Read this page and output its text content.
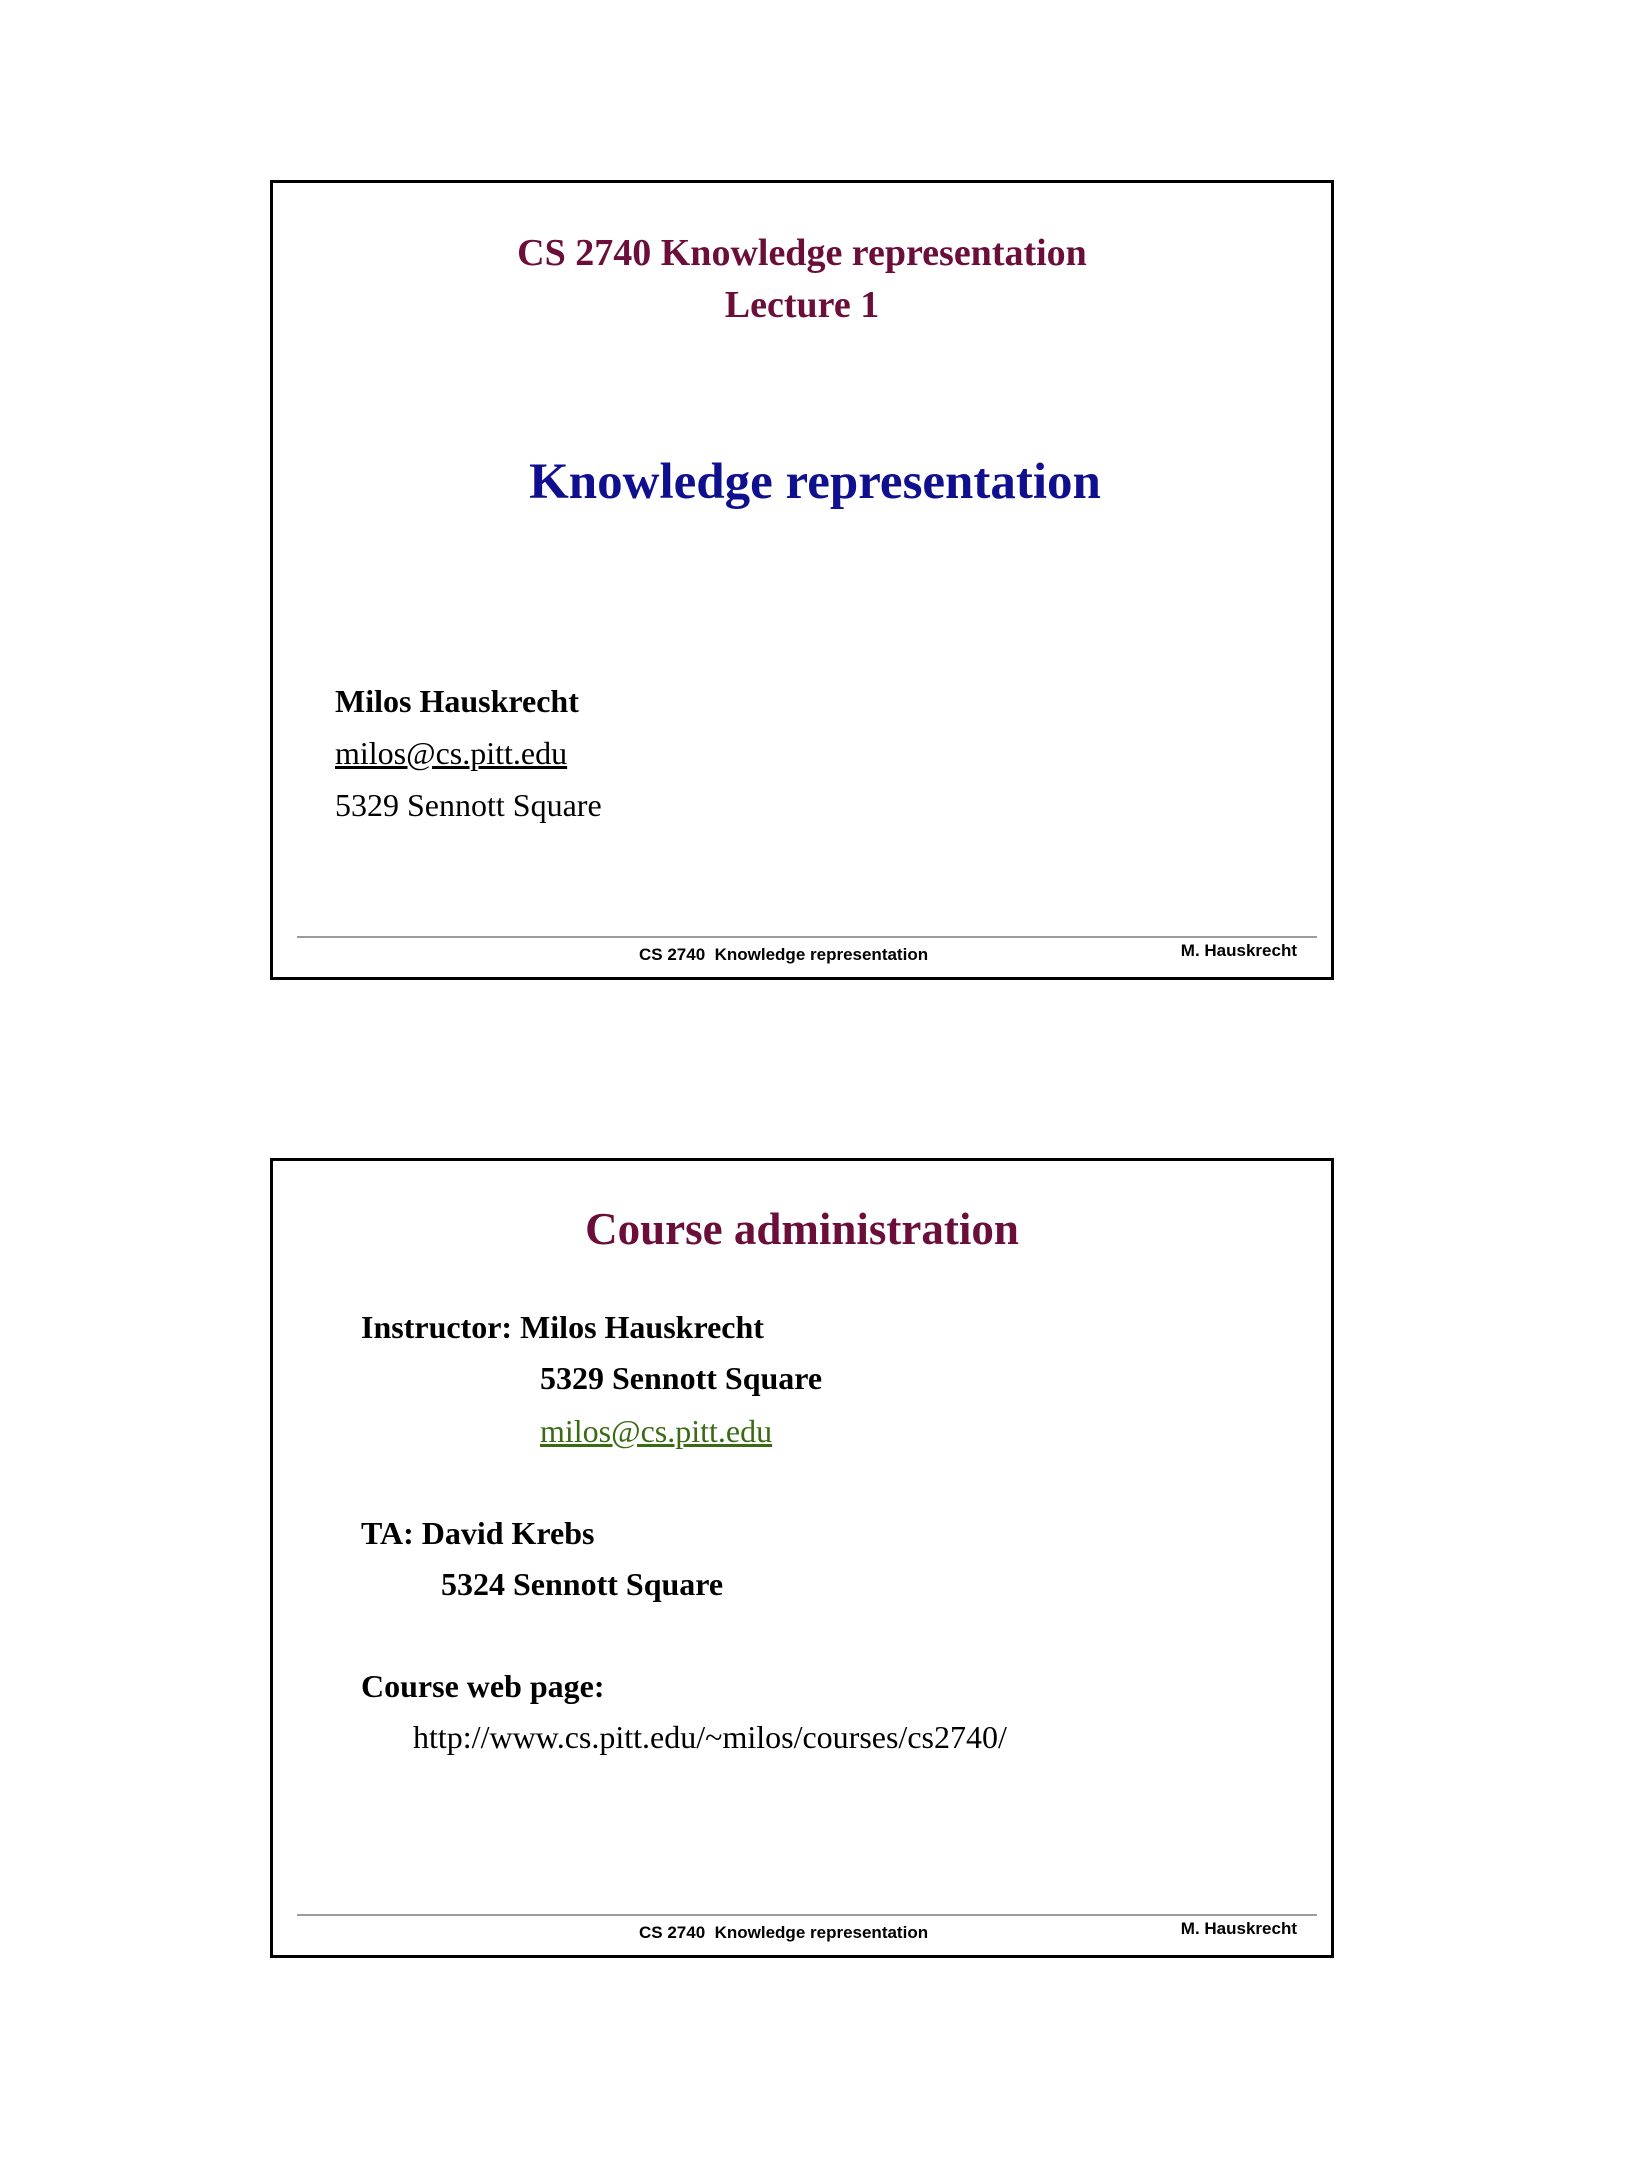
CS 2740 Knowledge representation
Lecture 1
Knowledge representation
Milos Hauskrecht
milos@cs.pitt.edu
5329 Sennott Square
CS 2740  Knowledge representation	M. Hauskrecht
Course administration
Instructor: Milos Hauskrecht
5329 Sennott Square
milos@cs.pitt.edu
TA: David Krebs
5324 Sennott Square
Course web page:
http://www.cs.pitt.edu/~milos/courses/cs2740/
CS 2740  Knowledge representation	M. Hauskrecht
